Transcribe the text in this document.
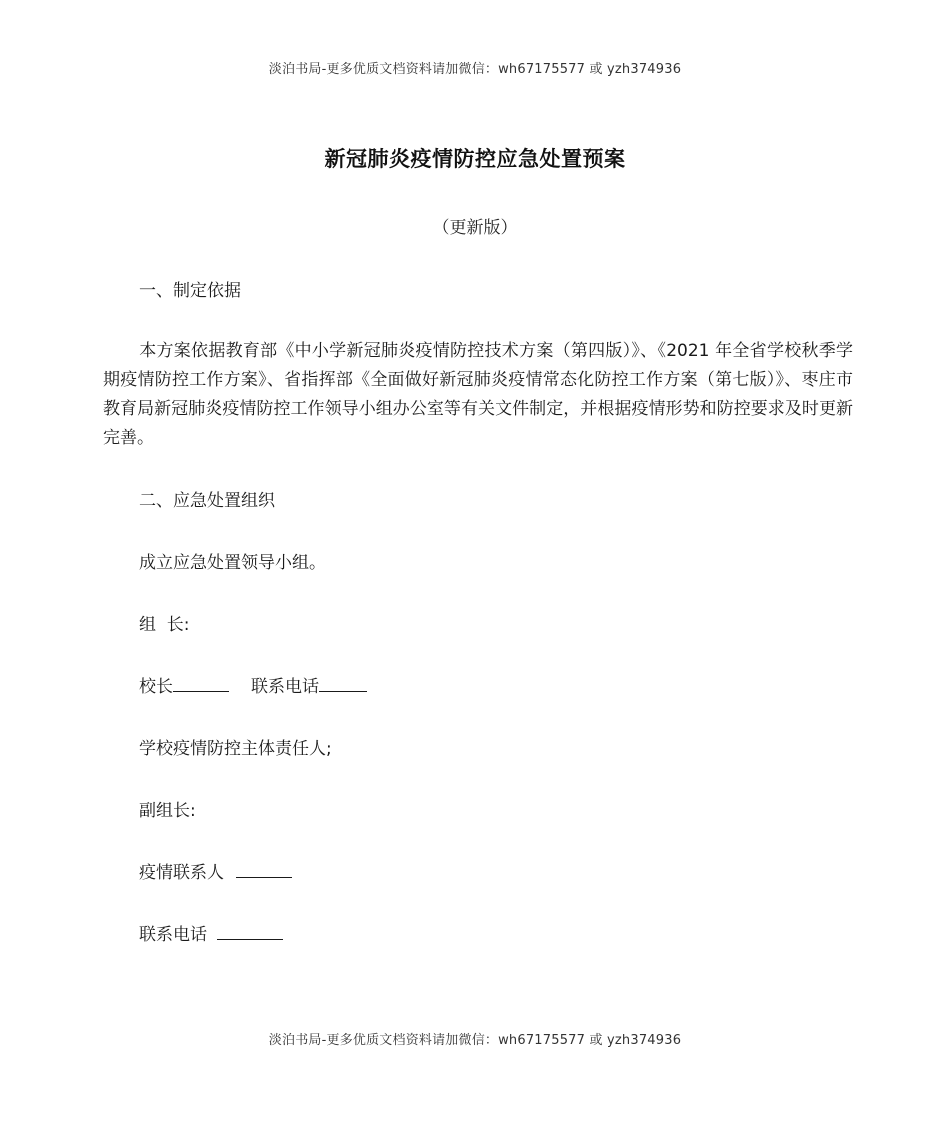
淡泊书局-更多优质文档资料请加微信：wh67175577 或 yzh374936
新冠肺炎疫情防控应急处置预案
（更新版）
一、制定依据
本方案依据教育部《中小学新冠肺炎疫情防控技术方案（第四版）》、《2021 年全省学校秋季学期疫情防控工作方案》、省指挥部《全面做好新冠肺炎疫情常态化防控工作方案（第七版）》、枣庄市教育局新冠肺炎疫情防控工作领导小组办公室等有关文件制定，并根据疫情形势和防控要求及时更新完善。
二、应急处置组织
成立应急处置领导小组。
组  长:
校长	联系电话
学校疫情防控主体责任人;
副组长:
疫情联系人
联系电话
淡泊书局-更多优质文档资料请加微信：wh67175577 或 yzh374936
